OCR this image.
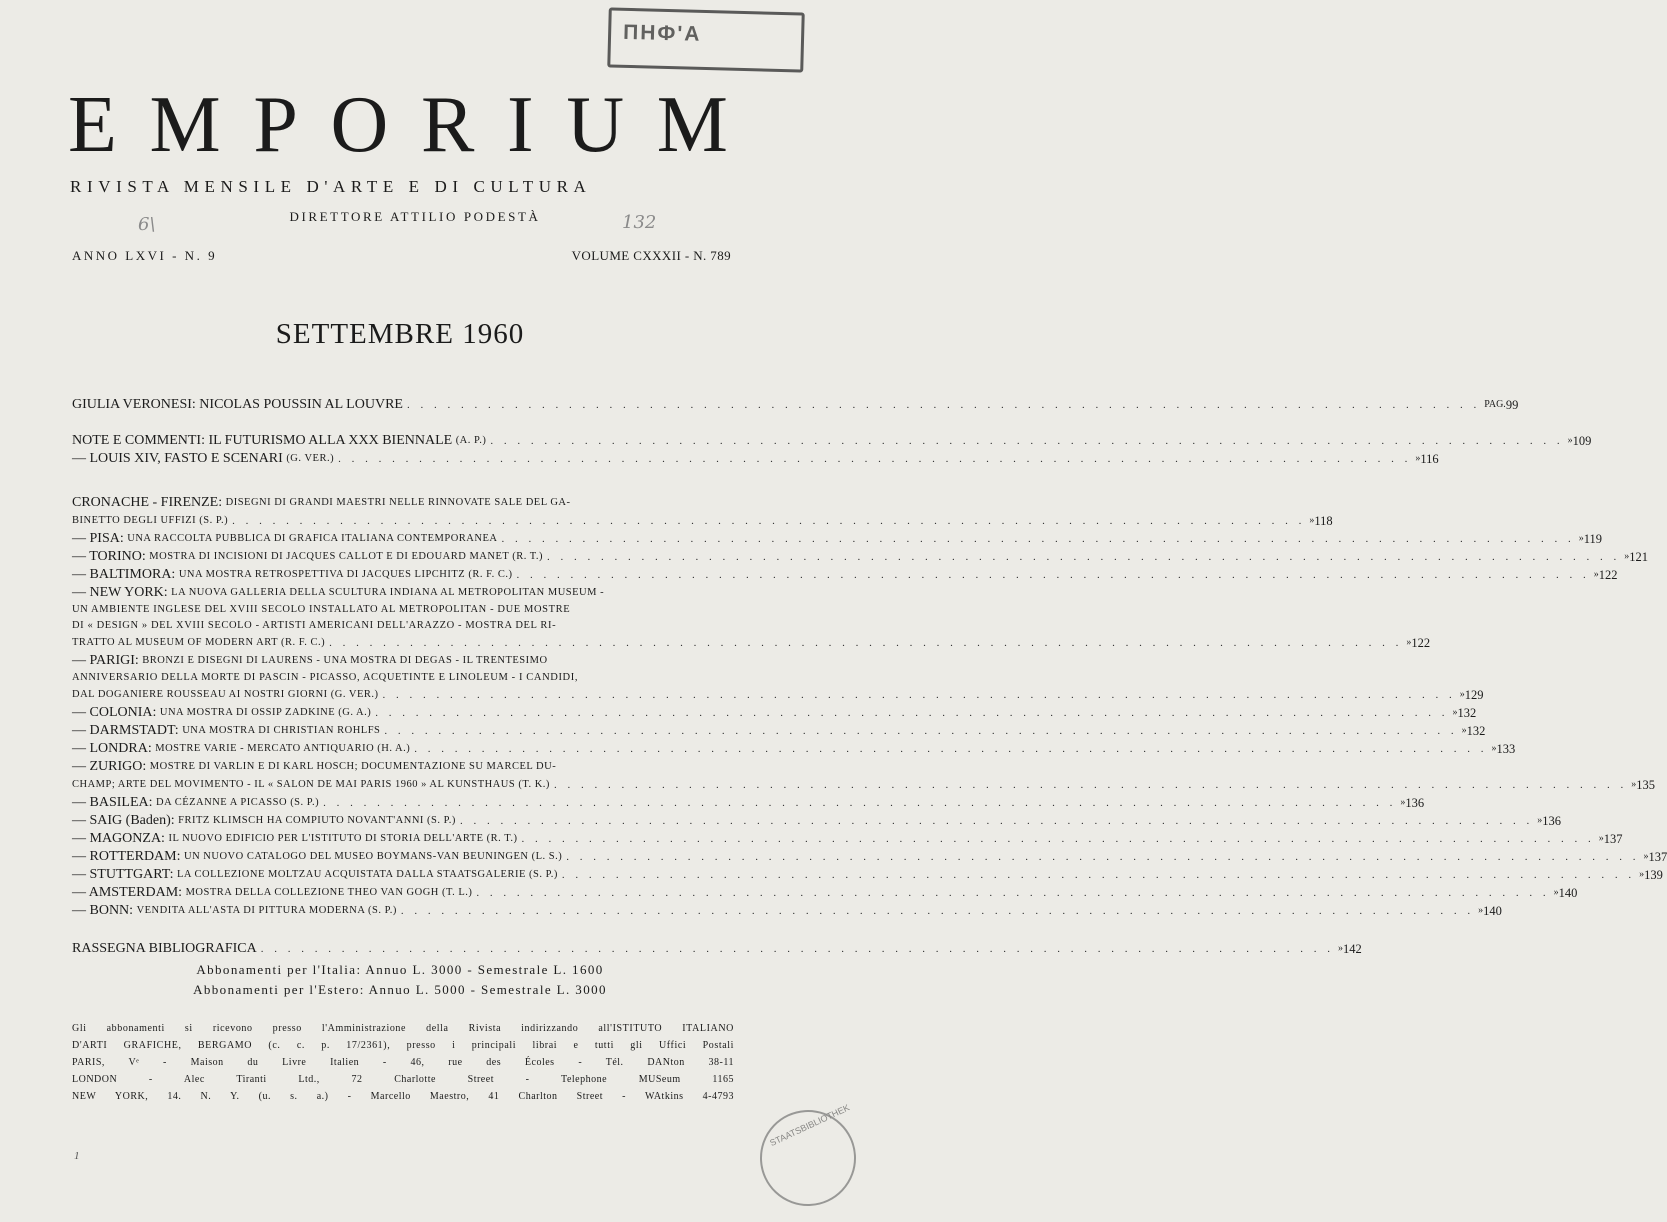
ПНФ'А
E M P O R I U M
RIVISTA MENSILE D'ARTE E DI CULTURA
DIRETTORE ATTILIO PODESTÀ
6\	132
ANNO LXVI - N. 9	VOLUME CXXXII - N. 789
SETTEMBRE 1960
GIULIA VERONESI: NICOLAS POUSSIN AL LOUVRE . . . . . . . . . . . . . . . . . . . . . . . . . . . . . . . . . . . . . . . . . . . . . . . . . . . . . . . . . . . . . . . . . . . . . . . . . . . . . . . . PAG. 99
NOTE E COMMENTI: IL FUTURISMO ALLA XXX BIENNALE
(A. P.) . . . . . . . . . . . . . . . . . . . . . . . . . . . . . . . . . . . . . . . . . . . . . . . . . . . . . . . . . . . . . . . . . . . . . . . . . . . . . . . . » 109
— LOUIS XIV, FASTO E SCENARI
(G. VER.) . . . . . . . . . . . . . . . . . . . . . . . . . . . . . . . . . . . . . . . . . . . . . . . . . . . . . . . . . . . . . . . . . . . . . . . . . . . . . . . . » 116
CRONACHE - FIRENZE:
DISEGNI DI GRANDI MAESTRI NELLE RINNOVATE SALE DEL GA-
BINETTO DEGLI UFFIZI (S. P.) . . . . . . . . . . . . . . . . . . . . . . . . . . . . . . . . . . . . . . . . . . . . . . . . . . . . . . . . . . . . . . . . . . . . . . . . . . . . . . . . » 118
— PISA:
UNA RACCOLTA PUBBLICA DI GRAFICA ITALIANA CONTEMPORANEA . . . . . . . . . . . . . . . . . . . . . . . . . . . . . . . . . . . . . . . . . . . . . . . . . . . . . . . . . . . . . . . . . . . . . . . . . . . . . . . . » 119
— TORINO:
MOSTRA DI INCISIONI DI JACQUES CALLOT E DI EDOUARD MANET (R. T.) . . . . . . . . . . . . . . . . . . . . . . . . . . . . . . . . . . . . . . . . . . . . . . . . . . . . . . . . . . . . . . . . . . . . . . . . . . . . . . . . » 121
— BALTIMORA:
UNA MOSTRA RETROSPETTIVA DI JACQUES LIPCHITZ (R. F. C.) . . . . . . . . . . . . . . . . . . . . . . . . . . . . . . . . . . . . . . . . . . . . . . . . . . . . . . . . . . . . . . . . . . . . . . . . . . . . . . . . » 122
— NEW YORK:
LA NUOVA GALLERIA DELLA SCULTURA INDIANA AL METROPOLITAN MUSEUM -
UN AMBIENTE INGLESE DEL XVIII SECOLO INSTALLATO AL METROPOLITAN - DUE MOSTRE
DI « DESIGN » DEL XVIII SECOLO - ARTISTI AMERICANI DELL'ARAZZO - MOSTRA DEL RI-
TRATTO AL MUSEUM OF MODERN ART (R. F. C.) . . . . . . . . . . . . . . . . . . . . . . . . . . . . . . . . . . . . . . . . . . . . . . . . . . . . . . . . . . . . . . . . . . . . . . . . . . . . . . . . » 122
— PARIGI:
BRONZI E DISEGNI DI LAURENS - UNA MOSTRA DI DEGAS - IL TRENTESIMO
ANNIVERSARIO DELLA MORTE DI PASCIN - PICASSO, ACQUETINTE E LINOLEUM - I CANDIDI,
DAL DOGANIERE ROUSSEAU AI NOSTRI GIORNI (G. VER.) . . . . . . . . . . . . . . . . . . . . . . . . . . . . . . . . . . . . . . . . . . . . . . . . . . . . . . . . . . . . . . . . . . . . . . . . . . . . . . . . » 129
— COLONIA:
UNA MOSTRA DI OSSIP ZADKINE (G. A.) . . . . . . . . . . . . . . . . . . . . . . . . . . . . . . . . . . . . . . . . . . . . . . . . . . . . . . . . . . . . . . . . . . . . . . . . . . . . . . . . » 132
— DARMSTADT:
UNA MOSTRA DI CHRISTIAN ROHLFS . . . . . . . . . . . . . . . . . . . . . . . . . . . . . . . . . . . . . . . . . . . . . . . . . . . . . . . . . . . . . . . . . . . . . . . . . . . . . . . . » 132
— LONDRA:
MOSTRE VARIE - MERCATO ANTIQUARIO (H. A.) . . . . . . . . . . . . . . . . . . . . . . . . . . . . . . . . . . . . . . . . . . . . . . . . . . . . . . . . . . . . . . . . . . . . . . . . . . . . . . . . » 133
— ZURIGO:
MOSTRE DI VARLIN E DI KARL HOSCH; DOCUMENTAZIONE SU MARCEL DU-
CHAMP; ARTE DEL MOVIMENTO - IL « SALON DE MAI PARIS 1960 » AL KUNSTHAUS (T. K.) . . . . . . . . . . . . . . . . . . . . . . . . . . . . . . . . . . . . . . . . . . . . . . . . . . . . . . . . . . . . . . . . . . . . . . . . . . . . . . . . » 135
— BASILEA:
DA CÉZANNE A PICASSO (S. P.) . . . . . . . . . . . . . . . . . . . . . . . . . . . . . . . . . . . . . . . . . . . . . . . . . . . . . . . . . . . . . . . . . . . . . . . . . . . . . . . . » 136
— SAIG (Baden):
FRITZ KLIMSCH HA COMPIUTO NOVANT'ANNI (S. P.) . . . . . . . . . . . . . . . . . . . . . . . . . . . . . . . . . . . . . . . . . . . . . . . . . . . . . . . . . . . . . . . . . . . . . . . . . . . . . . . . » 136
— MAGONZA:
IL NUOVO EDIFICIO PER L'ISTITUTO DI STORIA DELL'ARTE (R. T.) . . . . . . . . . . . . . . . . . . . . . . . . . . . . . . . . . . . . . . . . . . . . . . . . . . . . . . . . . . . . . . . . . . . . . . . . . . . . . . . . » 137
— ROTTERDAM:
UN NUOVO CATALOGO DEL MUSEO BOYMANS-VAN BEUNINGEN (L. S.) . . . . . . . . . . . . . . . . . . . . . . . . . . . . . . . . . . . . . . . . . . . . . . . . . . . . . . . . . . . . . . . . . . . . . . . . . . . . . . . . » 137
— STUTTGART:
LA COLLEZIONE MOLTZAU ACQUISTATA DALLA STAATSGALERIE (S. P.) . . . . . . . . . . . . . . . . . . . . . . . . . . . . . . . . . . . . . . . . . . . . . . . . . . . . . . . . . . . . . . . . . . . . . . . . . . . . . . . . » 139
— AMSTERDAM:
MOSTRA DELLA COLLEZIONE THEO VAN GOGH (T. L.) . . . . . . . . . . . . . . . . . . . . . . . . . . . . . . . . . . . . . . . . . . . . . . . . . . . . . . . . . . . . . . . . . . . . . . . . . . . . . . . . » 140
— BONN:
VENDITA ALL'ASTA DI PITTURA MODERNA (S. P.) . . . . . . . . . . . . . . . . . . . . . . . . . . . . . . . . . . . . . . . . . . . . . . . . . . . . . . . . . . . . . . . . . . . . . . . . . . . . . . . . » 140
RASSEGNA BIBLIOGRAFICA . . . . . . . . . . . . . . . . . . . . . . . . . . . . . . . . . . . . . . . . . . . . . . . . . . . . . . . . . . . . . . . . . . . . . . . . . . . . . . . . » 142
Abbonamenti per l'Italia: Annuo L. 3000 - Semestrale L. 1600
Abbonamenti per l'Estero: Annuo L. 5000 - Semestrale L. 3000
Gli abbonamenti si ricevono presso l'Amministrazione della Rivista indirizzando all'ISTITUTO ITALIANO
D'ARTI GRAFICHE, BERGAMO (c. c. p. 17/2361), presso i principali librai e tutti gli Uffici Postali
PARIS, Vᵉ - Maison du Livre Italien - 46, rue des Écoles - Tél. DANton 38-11
LONDON - Alec Tiranti Ltd., 72 Charlotte Street - Telephone MUSeum 1165
NEW YORK, 14. N. Y. (u. s. a.) - Marcello Maestro, 41 Charlton Street - WAtkins 4-4793
1
STAATSBIBLIOTHEK
